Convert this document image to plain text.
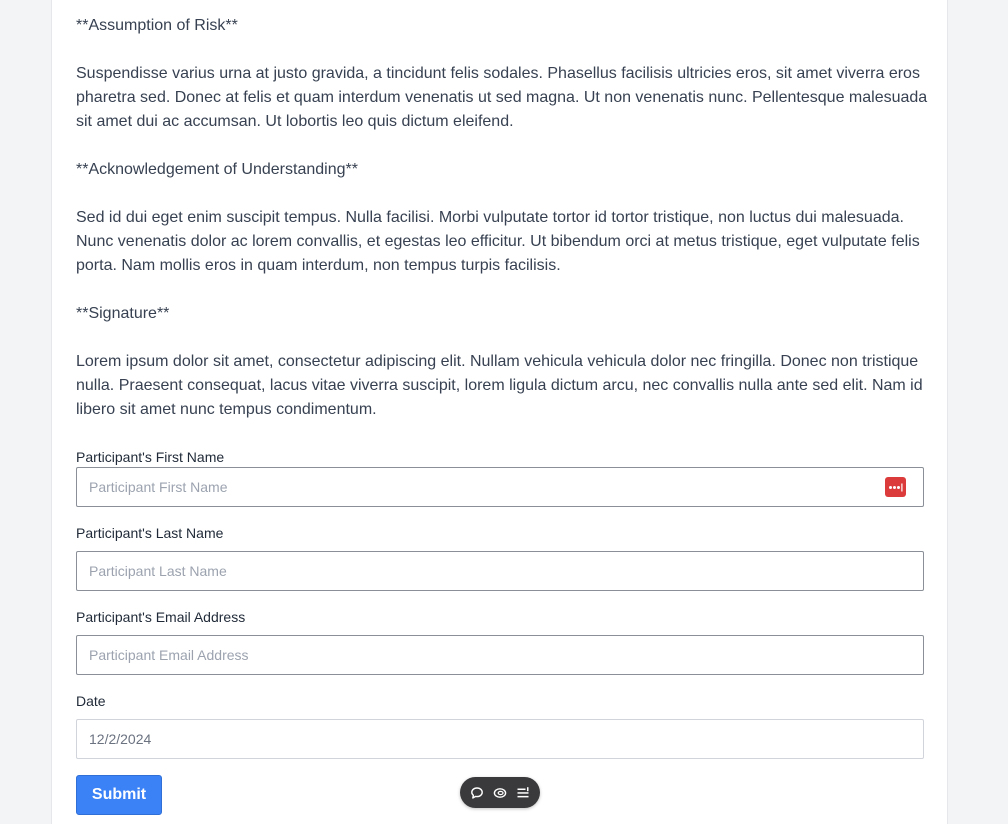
**Assumption of Risk**

Suspendisse varius urna at justo gravida, a tincidunt felis sodales. Phasellus facilisis ultricies eros, sit amet viverra eros pharetra sed. Donec at felis et quam interdum venenatis ut sed magna. Ut non venenatis nunc. Pellentesque malesuada sit amet dui ac accumsan. Ut lobortis leo quis dictum eleifend.

**Acknowledgement of Understanding**

Sed id dui eget enim suscipit tempus. Nulla facilisi. Morbi vulputate tortor id tortor tristique, non luctus dui malesuada. Nunc venenatis dolor ac lorem convallis, et egestas leo efficitur. Ut bibendum orci at metus tristique, eget vulputate felis porta. Nam mollis eros in quam interdum, non tempus turpis facilisis.

**Signature**

Lorem ipsum dolor sit amet, consectetur adipiscing elit. Nullam vehicula vehicula dolor nec fringilla. Donec non tristique nulla. Praesent consequat, lacus vitae viverra suscipit, lorem ligula dictum arcu, nec convallis nulla ante sed elit. Nam id libero sit amet nunc tempus condimentum.

Participant's First Name
Participant First Name
Participant's Last Name
Participant Last Name
Participant's Email Address
Participant Email Address
Date
12/2/2024
Submit
